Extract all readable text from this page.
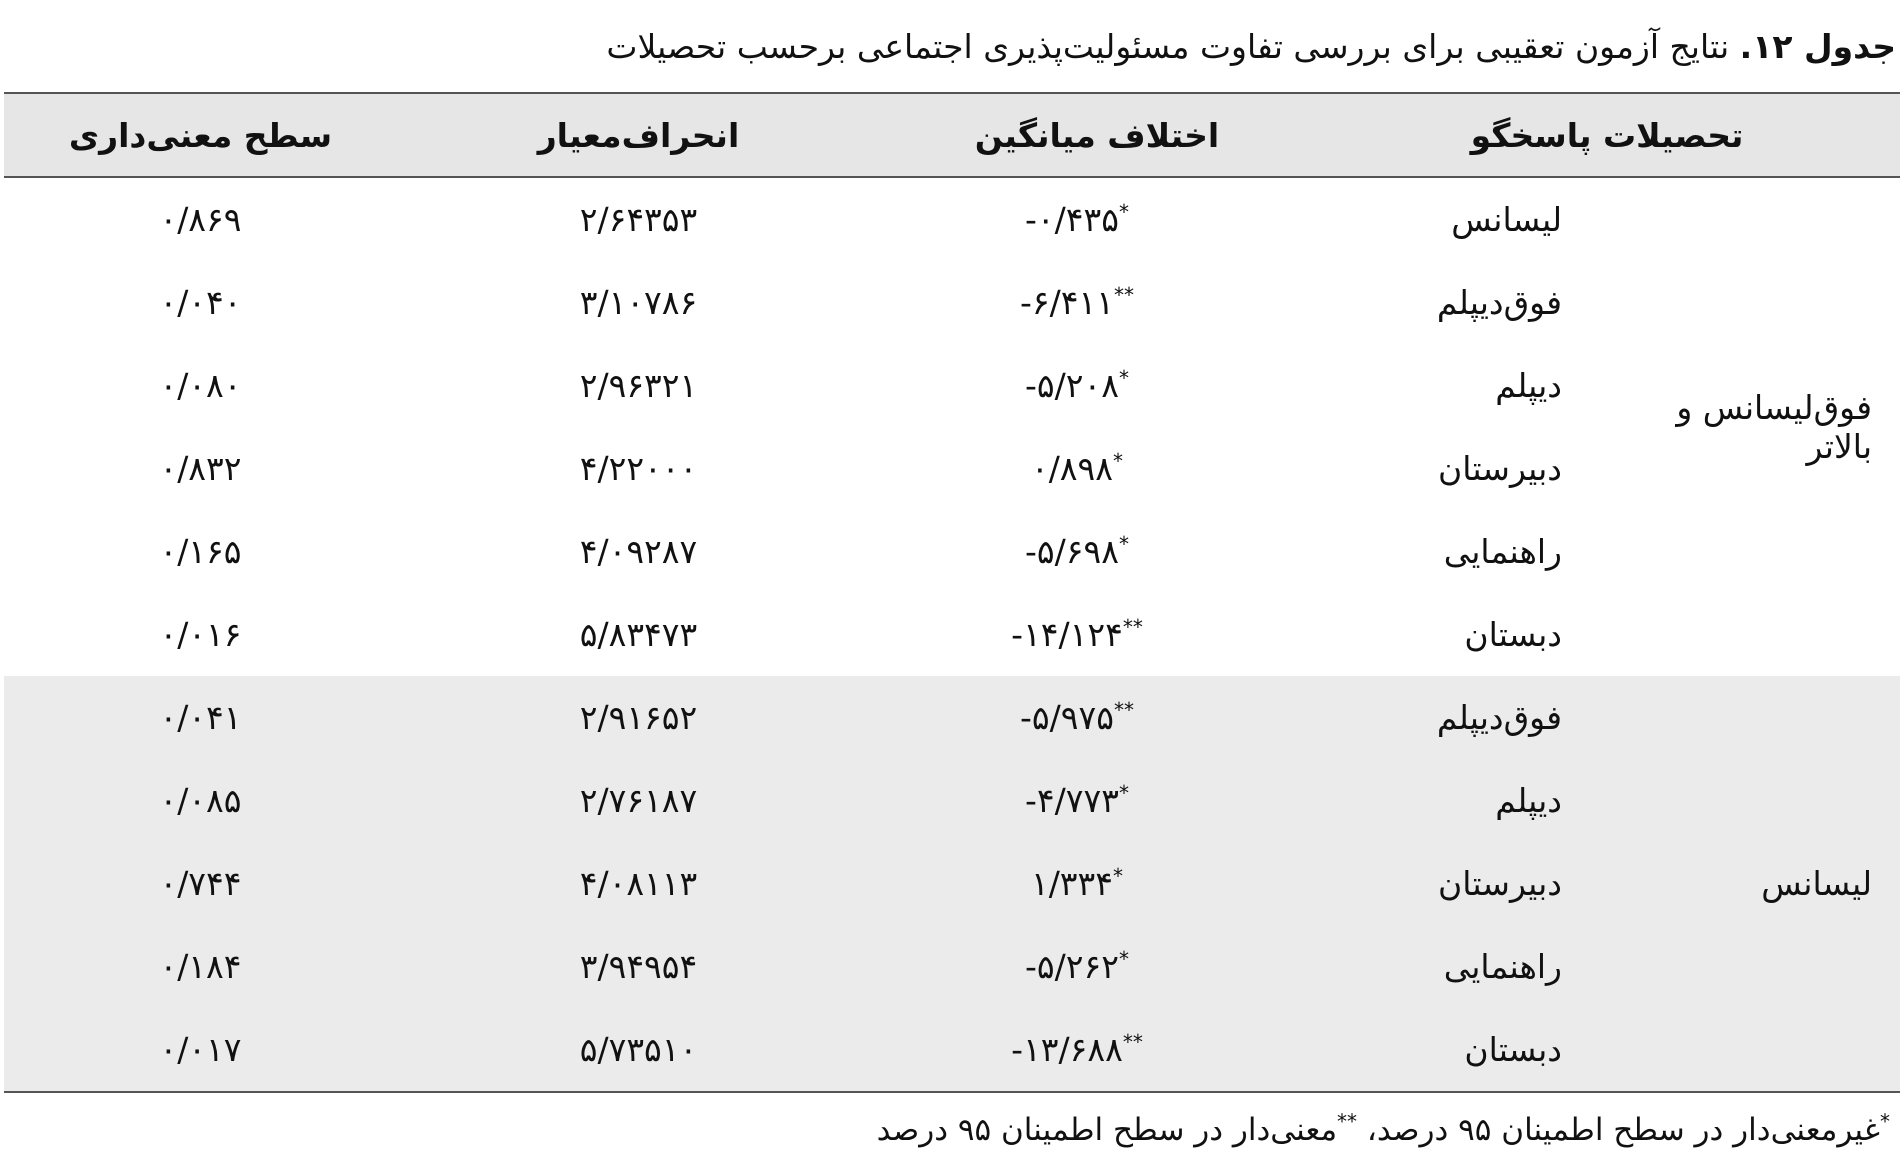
جدول ۱۲. نتایج آزمون تعقیبی برای بررسی تفاوت مسئولیت‌پذیری اجتماعی برحسب تحصیلات
تحصیلات پاسخگو		اختلاف میانگین	انحراف‌معیار	سطح معنی‌داری
فوق‌لیسانس و بالاتر	لیسانس	*-۰/۴۳۵	۲/۶۴۳۵۳	۰/۸۶۹
	فوق‌دیپلم	**-۶/۴۱۱	۳/۱۰۷۸۶	۰/۰۴۰
	دیپلم	*-۵/۲۰۸	۲/۹۶۳۲۱	۰/۰۸۰
	دبیرستان	*۰/۸۹۸	۴/۲۲۰۰۰	۰/۸۳۲
	راهنمایی	*-۵/۶۹۸	۴/۰۹۲۸۷	۰/۱۶۵
	دبستان	**-۱۴/۱۲۴	۵/۸۳۴۷۳	۰/۰۱۶
لیسانس	فوق‌دیپلم	**-۵/۹۷۵	۲/۹۱۶۵۲	۰/۰۴۱
	دیپلم	*-۴/۷۷۳	۲/۷۶۱۸۷	۰/۰۸۵
	دبیرستان	*۱/۳۳۴	۴/۰۸۱۱۳	۰/۷۴۴
	راهنمایی	*-۵/۲۶۲	۳/۹۴۹۵۴	۰/۱۸۴
	دبستان	**-۱۳/۶۸۸	۵/۷۳۵۱۰	۰/۰۱۷
*غیرمعنی‌دار در سطح اطمینان ۹۵ درصد، **معنی‌دار در سطح اطمینان ۹۵ درصد
